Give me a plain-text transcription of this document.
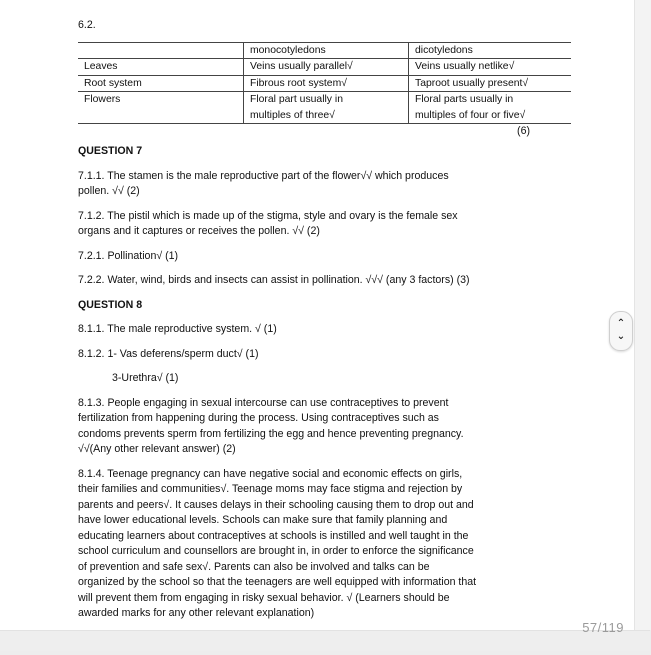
6.2.
	monocotyledons	dicotyledons
Leaves	Veins usually parallel√	Veins usually netlike√
Root system	Fibrous root system√	Taproot usually present√
Flowers	Floral part usually in	Floral parts usually in
	multiples of three√	multiples of four or five√
(6)
QUESTION 7

7.1.1. The stamen is the male reproductive part of the flower√√ which produces
pollen. √√ (2)

7.1.2. The pistil which is made up of the stigma, style and ovary is the female sex
organs and it captures or receives the pollen. √√ (2)

7.2.1. Pollination√ (1)

7.2.2. Water, wind, birds and insects can assist in pollination. √√√ (any 3 factors) (3)

QUESTION 8

8.1.1. The male reproductive system. √ (1)

8.1.2. 1- Vas deferens/sperm duct√ (1)

3-Urethra√ (1)

8.1.3. People engaging in sexual intercourse can use contraceptives to prevent
fertilization from happening during the process. Using contraceptives such as
condoms prevents sperm from fertilizing the egg and hence preventing pregnancy.
√√(Any other relevant answer) (2)

8.1.4. Teenage pregnancy can have negative social and economic effects on girls,
their families and communities√. Teenage moms may face stigma and rejection by
parents and peers√. It causes delays in their schooling causing them to drop out and
have lower educational levels. Schools can make sure that family planning and
educating learners about contraceptives at schools is instilled and well taught in the
school curriculum and counsellors are brought in, in order to enforce the significance
of prevention and safe sex√. Parents can also be involved and talks can be
organized by the school so that the teenagers are well equipped with information that
will prevent them from engaging in risky sexual behavior. √ (Learners should be
awarded marks for any other relevant explanation)

57/119
⌃
⌄
